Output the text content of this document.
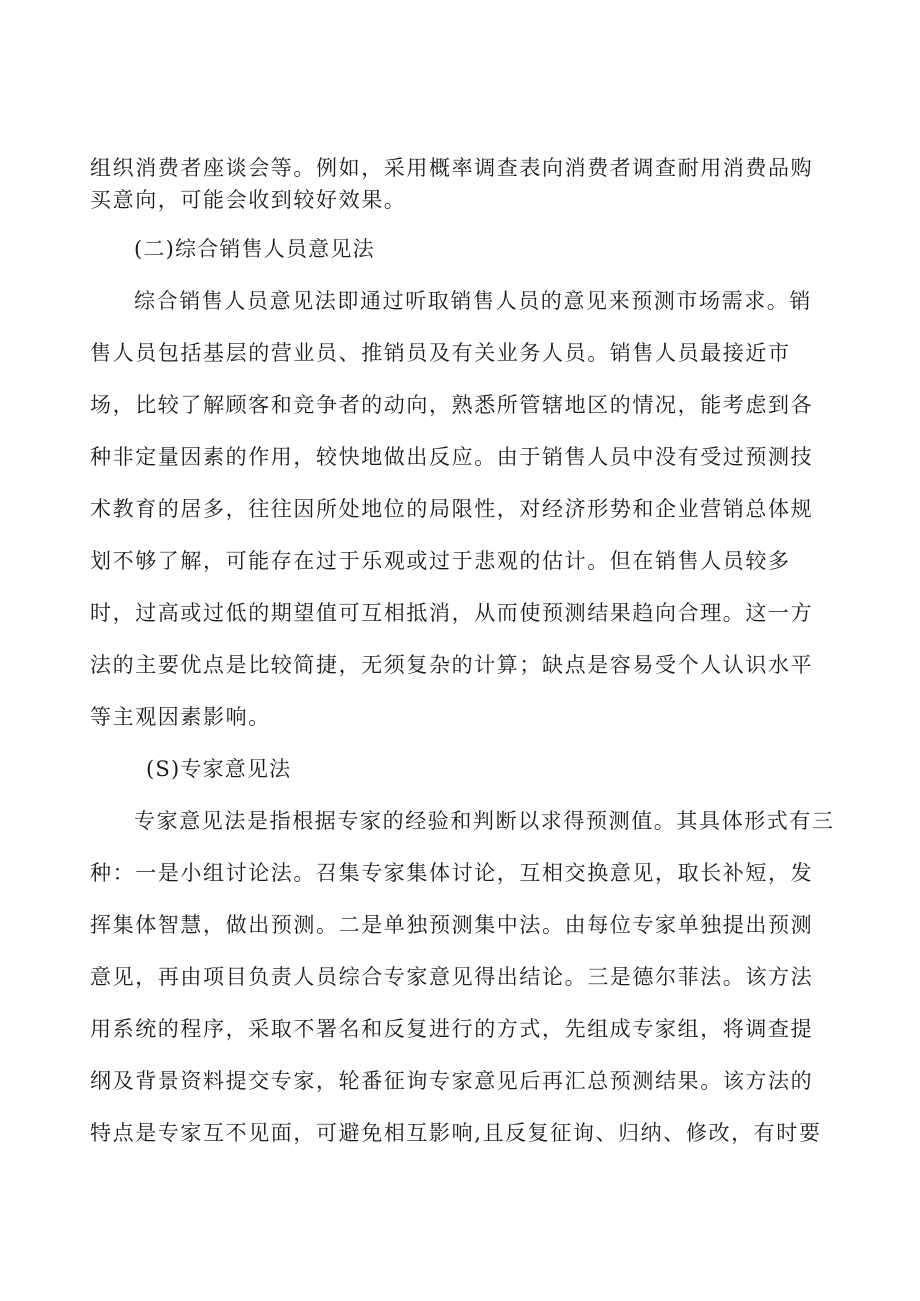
组织消费者座谈会等。例如，采用概率调查表向消费者调查耐用消费品购
买意向，可能会收到较好效果。
(二)综合销售人员意见法
综合销售人员意见法即通过听取销售人员的意见来预测市场需求。销
售人员包括基层的营业员、推销员及有关业务人员。销售人员最接近市
场，比较了解顾客和竞争者的动向，熟悉所管辖地区的情况，能考虑到各
种非定量因素的作用，较快地做出反应。由于销售人员中没有受过预测技
术教育的居多，往往因所处地位的局限性，对经济形势和企业营销总体规
划不够了解，可能存在过于乐观或过于悲观的估计。但在销售人员较多
时，过高或过低的期望值可互相抵消，从而使预测结果趋向合理。这一方
法的主要优点是比较简捷，无须复杂的计算；缺点是容易受个人认识水平
等主观因素影响。
(S)专家意见法
专家意见法是指根据专家的经验和判断以求得预测值。其具体形式有三
种：一是小组讨论法。召集专家集体讨论，互相交换意见，取长补短，发
挥集体智慧，做出预测。二是单独预测集中法。由每位专家单独提出预测
意见，再由项目负责人员综合专家意见得出结论。三是德尔菲法。该方法
用系统的程序，采取不署名和反复进行的方式，先组成专家组，将调查提
纲及背景资料提交专家，轮番征询专家意见后再汇总预测结果。该方法的
特点是专家互不见面，可避免相互影响,且反复征询、归纳、修改，有时要
